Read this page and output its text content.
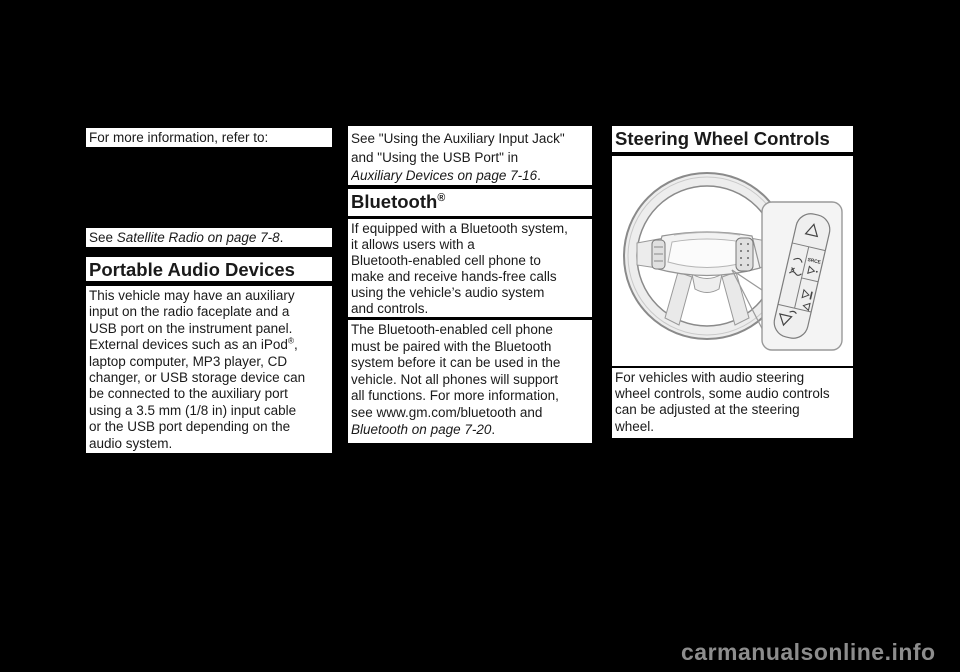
For more information, refer to:
See Satellite Radio on page 7-8.
Portable Audio Devices
This vehicle may have an auxiliary
input on the radio faceplate and a
USB port on the instrument panel.
External devices such as an iPod®,
laptop computer, MP3 player, CD
changer, or USB storage device can
be connected to the auxiliary port
using a 3.5 mm (1/8 in) input cable
or the USB port depending on the
audio system.
See "Using the Auxiliary Input Jack"
and "Using the USB Port" in
Auxiliary Devices on page 7-16.
Bluetooth®
If equipped with a Bluetooth system,
it allows users with a
Bluetooth-enabled cell phone to
make and receive hands-free calls
using the vehicle’s audio system
and controls.
The Bluetooth-enabled cell phone
must be paired with the Bluetooth
system before it can be used in the
vehicle. Not all phones will support
all functions. For more information,
see www.gm.com/bluetooth and
Bluetooth on page 7-20.
Steering Wheel Controls
SRCE
For vehicles with audio steering
wheel controls, some audio controls
can be adjusted at the steering
wheel.
carmanualsonline.info
